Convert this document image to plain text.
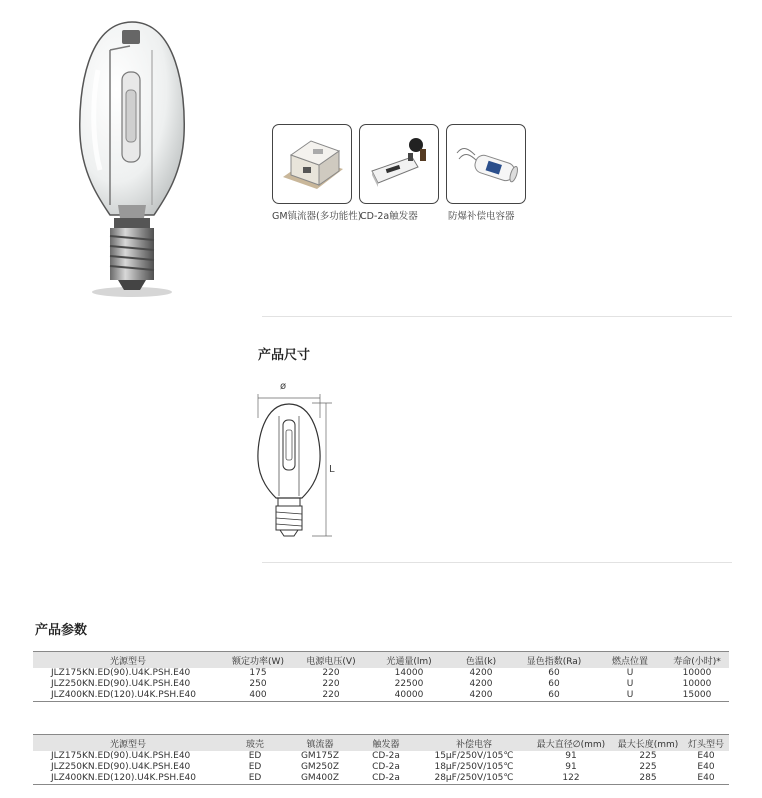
GM镇流器(多功能性)
CD-2a触发器	防爆补偿电容器
产品尺寸
ø
L
产品参数
光源型号	额定功率(W)	电源电压(V)	光通量(lm)	色温(k)	显色指数(Ra)	燃点位置	寿命(小时)*
JLZ175KN.ED(90).U4K.PSH.E40	175	220	14000	4200	60	U	10000
JLZ250KN.ED(90).U4K.PSH.E40	250	220	22500	4200	60	U	10000
JLZ400KN.ED(120).U4K.PSH.E40	400	220	40000	4200	60	U	15000
光源型号	玻壳	镇流器	触发器	补偿电容	最大直径∅(mm)	最大长度(mm)	灯头型号
JLZ175KN.ED(90).U4K.PSH.E40	ED	GM175Z	CD-2a	15μF/250V/105℃	91	225	E40
JLZ250KN.ED(90).U4K.PSH.E40	ED	GM250Z	CD-2a	18μF/250V/105℃	91	225	E40
JLZ400KN.ED(120).U4K.PSH.E40	ED	GM400Z	CD-2a	28μF/250V/105℃	122	285	E40
